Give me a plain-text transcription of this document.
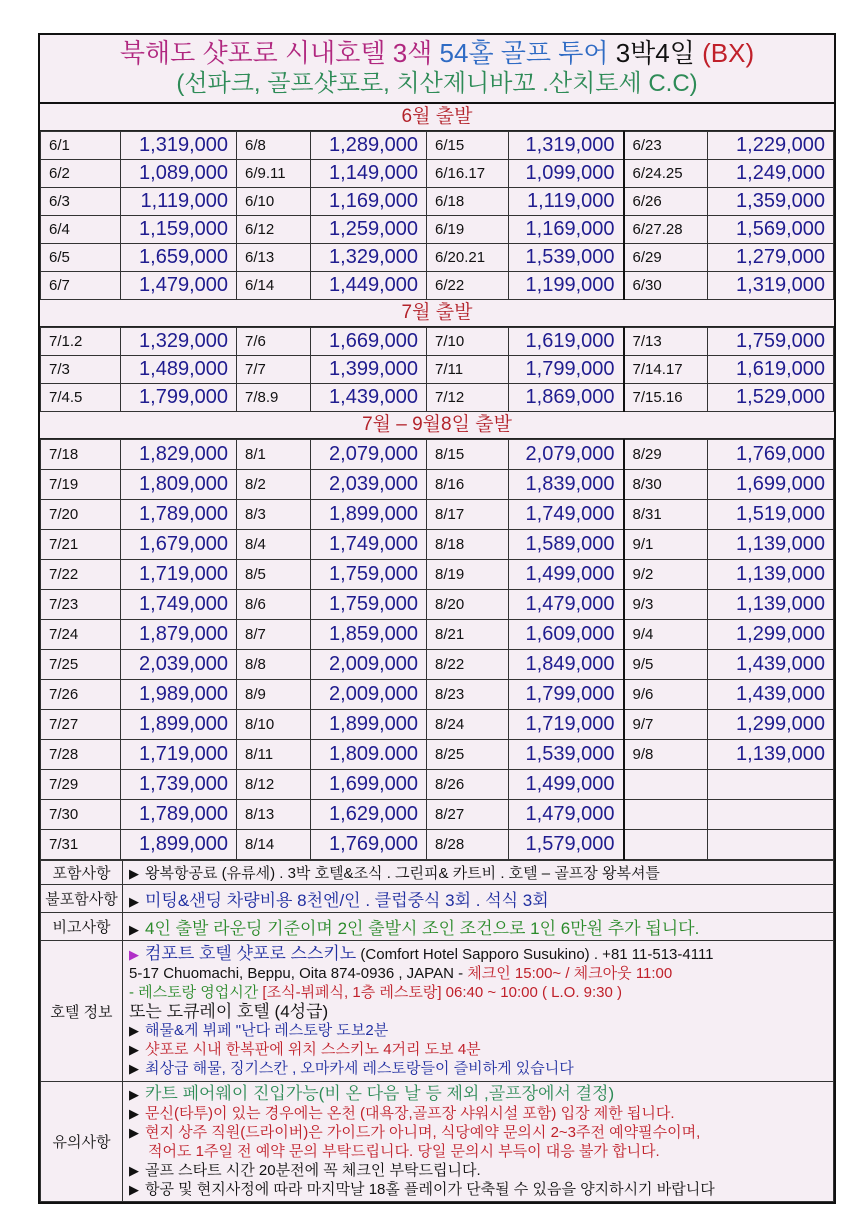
북해도 샷포로 시내호텔 3색 54홀 골프 투어 3박4일 (BX)
(선파크, 골프샷포로, 치산제니바꼬 .산치토세 C.C)
6월 출발
6/1	1,319,000	6/8	1,289,000	6/15	1,319,000	6/23	1,229,000
6/2	1,089,000	6/9.11	1,149,000	6/16.17	1,099,000	6/24.25	1,249,000
6/3	1,119,000	6/10	1,169,000	6/18	1,119,000	6/26	1,359,000
6/4	1,159,000	6/12	1,259,000	6/19	1,169,000	6/27.28	1,569,000
6/5	1,659,000	6/13	1,329,000	6/20.21	1,539,000	6/29	1,279,000
6/7	1,479,000	6/14	1,449,000	6/22	1,199,000	6/30	1,319,000
7월 출발
7/1.2	1,329,000	7/6	1,669,000	7/10	1,619,000	7/13	1,759,000
7/3	1,489,000	7/7	1,399,000	7/11	1,799,000	7/14.17	1,619,000
7/4.5	1,799,000	7/8.9	1,439,000	7/12	1,869,000	7/15.16	1,529,000
7월 – 9월8일 출발
7/18	1,829,000	8/1	2,079,000	8/15	2,079,000	8/29	1,769,000
7/19	1,809,000	8/2	2,039,000	8/16	1,839,000	8/30	1,699,000
7/20	1,789,000	8/3	1,899,000	8/17	1,749,000	8/31	1,519,000
7/21	1,679,000	8/4	1,749,000	8/18	1,589,000	9/1	1,139,000
7/22	1,719,000	8/5	1,759,000	8/19	1,499,000	9/2	1,139,000
7/23	1,749,000	8/6	1,759,000	8/20	1,479,000	9/3	1,139,000
7/24	1,879,000	8/7	1,859,000	8/21	1,609,000	9/4	1,299,000
7/25	2,039,000	8/8	2,009,000	8/22	1,849,000	9/5	1,439,000
7/26	1,989,000	8/9	2,009,000	8/23	1,799,000	9/6	1,439,000
7/27	1,899,000	8/10	1,899,000	8/24	1,719,000	9/7	1,299,000
7/28	1,719,000	8/11	1,809.000	8/25	1,539,000	9/8	1,139,000
7/29	1,739,000	8/12	1,699,000	8/26	1,499,000		
7/30	1,789,000	8/13	1,629,000	8/27	1,479,000		
7/31	1,899,000	8/14	1,769,000	8/28	1,579,000		
포함사항	▶ 왕복항공료 (유류세) . 3박 호텔&조식 . 그린피& 카트비 . 호텔 – 골프장 왕복셔틀
불포함사항	▶ 미팅&샌딩 차량비용 8천엔/인 . 클럽중식 3회 . 석식 3회
비고사항	▶ 4인 출발 라운딩 기준이며 2인 출발시 조인 조건으로 1인 6만원 추가 됩니다.
호텔 정보	
▶ 컴포트 호텔 샷포로 스스키노 (Comfort Hotel Sapporo Susukino) . +81 11-513-4111
5-17 Chuomachi, Beppu, Oita 874-0936 , JAPAN - 체크인 15:00~ / 체크아웃 11:00
- 레스토랑 영업시간 [조식-뷔페식, 1층 레스토랑] 06:40 ~ 10:00 ( L.O. 9:30 )
또는 도큐레이 호텔 (4성급)
▶ 해물&게 뷔페 "난다 레스토랑 도보2분
▶ 샷포로 시내 한복판에 위치 스스키노 4거리 도보 4분
▶ 최상급 해물, 징기스칸 , 오마카세 레스토랑들이 즐비하게 있습니다

유의사항	
▶ 카트 페어웨이 진입가능(비 온 다음 날 등 제외 ,골프장에서 결정)
▶ 문신(타투)이 있는 경우에는 온천 (대욕장,골프장 샤워시설 포함) 입장 제한 됩니다.
▶ 현지 상주 직원(드라이버)은 가이드가 아니며, 식당예약 문의시 2~3주전 예약필수이며,
적어도 1주일 전 예약 문의 부탁드립니다. 당일 문의시 부득이 대응 불가 합니다.
▶ 골프 스타트 시간 20분전에 꼭 체크인 부탁드립니다.
▶ 항공 및 현지사정에 따라 마지막날 18홀 플레이가 단축될 수 있음을 양지하시기 바랍니다
